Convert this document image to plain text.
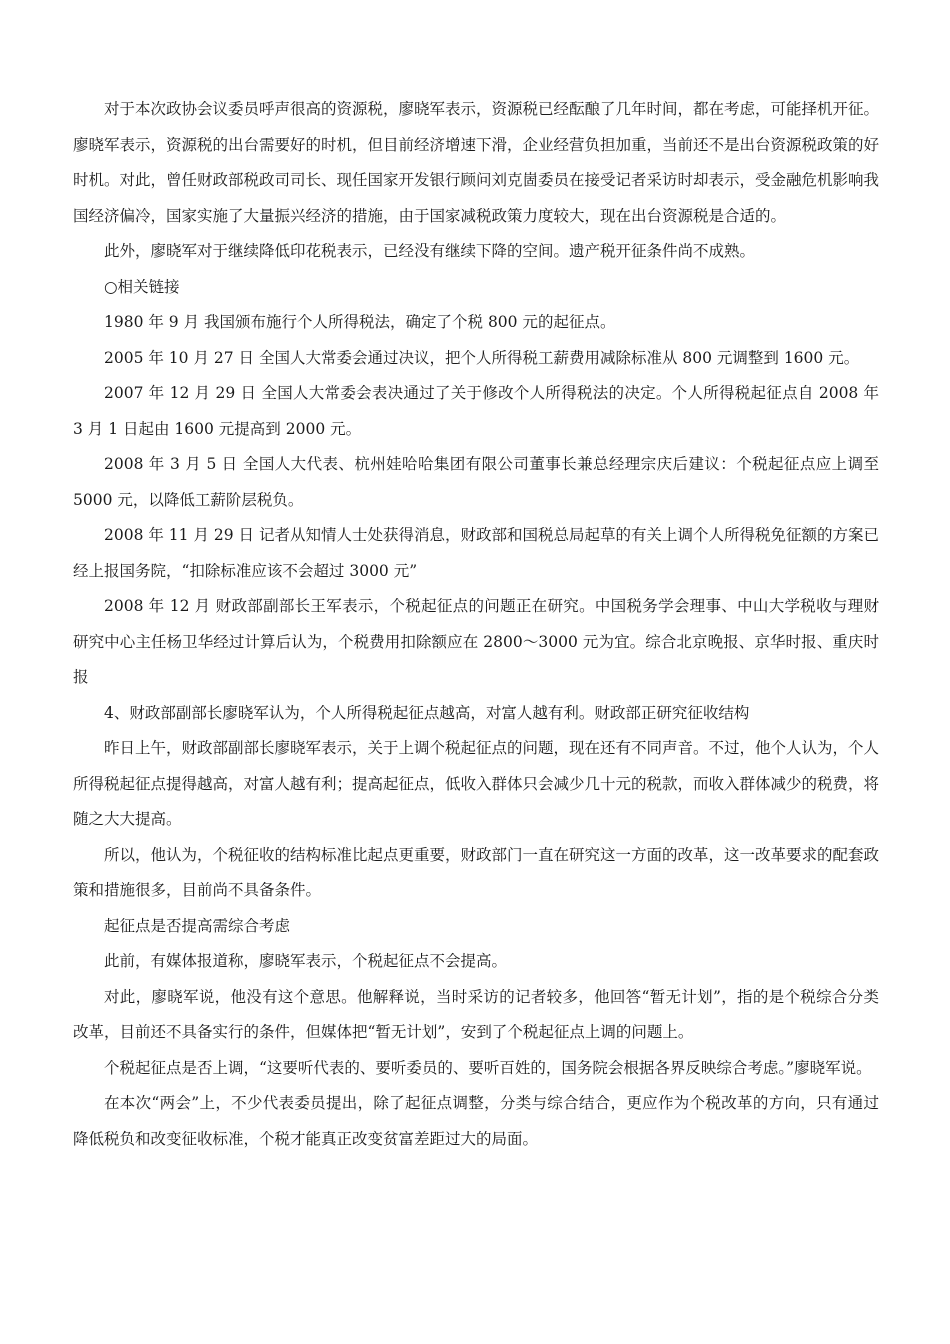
对于本次政协会议委员呼声很高的资源税，廖晓军表示，资源税已经酝酿了几年时间，都在考虑，可能择机开征。廖晓军表示，资源税的出台需要好的时机，但目前经济增速下滑，企业经营负担加重，当前还不是出台资源税政策的好时机。对此，曾任财政部税政司司长、现任国家开发银行顾问刘克崮委员在接受记者采访时却表示，受金融危机影响我国经济偏冷，国家实施了大量振兴经济的措施，由于国家减税政策力度较大，现在出台资源税是合适的。

此外，廖晓军对于继续降低印花税表示，已经没有继续下降的空间。遗产税开征条件尚不成熟。

○相关链接

1980 年 9 月 我国颁布施行个人所得税法，确定了个税 800 元的起征点。

2005 年 10 月 27 日 全国人大常委会通过决议，把个人所得税工薪费用减除标准从 800 元调整到 1600 元。

2007 年 12 月 29 日 全国人大常委会表决通过了关于修改个人所得税法的决定。个人所得税起征点自 2008 年 3 月 1 日起由 1600 元提高到 2000 元。

2008 年 3 月 5 日 全国人大代表、杭州娃哈哈集团有限公司董事长兼总经理宗庆后建议：个税起征点应上调至 5000 元，以降低工薪阶层税负。

2008 年 11 月 29 日 记者从知情人士处获得消息，财政部和国税总局起草的有关上调个人所得税免征额的方案已经上报国务院，“扣除标准应该不会超过 3000 元”

2008 年 12 月 财政部副部长王军表示，个税起征点的问题正在研究。中国税务学会理事、中山大学税收与理财研究中心主任杨卫华经过计算后认为，个税费用扣除额应在 2800～3000 元为宜。综合北京晚报、京华时报、重庆时报

4、财政部副部长廖晓军认为，个人所得税起征点越高，对富人越有利。财政部正研究征收结构

昨日上午，财政部副部长廖晓军表示，关于上调个税起征点的问题，现在还有不同声音。不过，他个人认为，个人所得税起征点提得越高，对富人越有利；提高起征点，低收入群体只会减少几十元的税款，而收入群体减少的税费，将随之大大提高。

所以，他认为，个税征收的结构标准比起点更重要，财政部门一直在研究这一方面的改革，这一改革要求的配套政策和措施很多，目前尚不具备条件。

起征点是否提高需综合考虑

此前，有媒体报道称，廖晓军表示，个税起征点不会提高。

对此，廖晓军说，他没有这个意思。他解释说，当时采访的记者较多，他回答“暂无计划”，指的是个税综合分类改革，目前还不具备实行的条件，但媒体把“暂无计划”，安到了个税起征点上调的问题上。

个税起征点是否上调，“这要听代表的、要听委员的、要听百姓的，国务院会根据各界反映综合考虑。”廖晓军说。

在本次“两会”上，不少代表委员提出，除了起征点调整，分类与综合结合，更应作为个税改革的方向，只有通过降低税负和改变征收标准，个税才能真正改变贫富差距过大的局面。
